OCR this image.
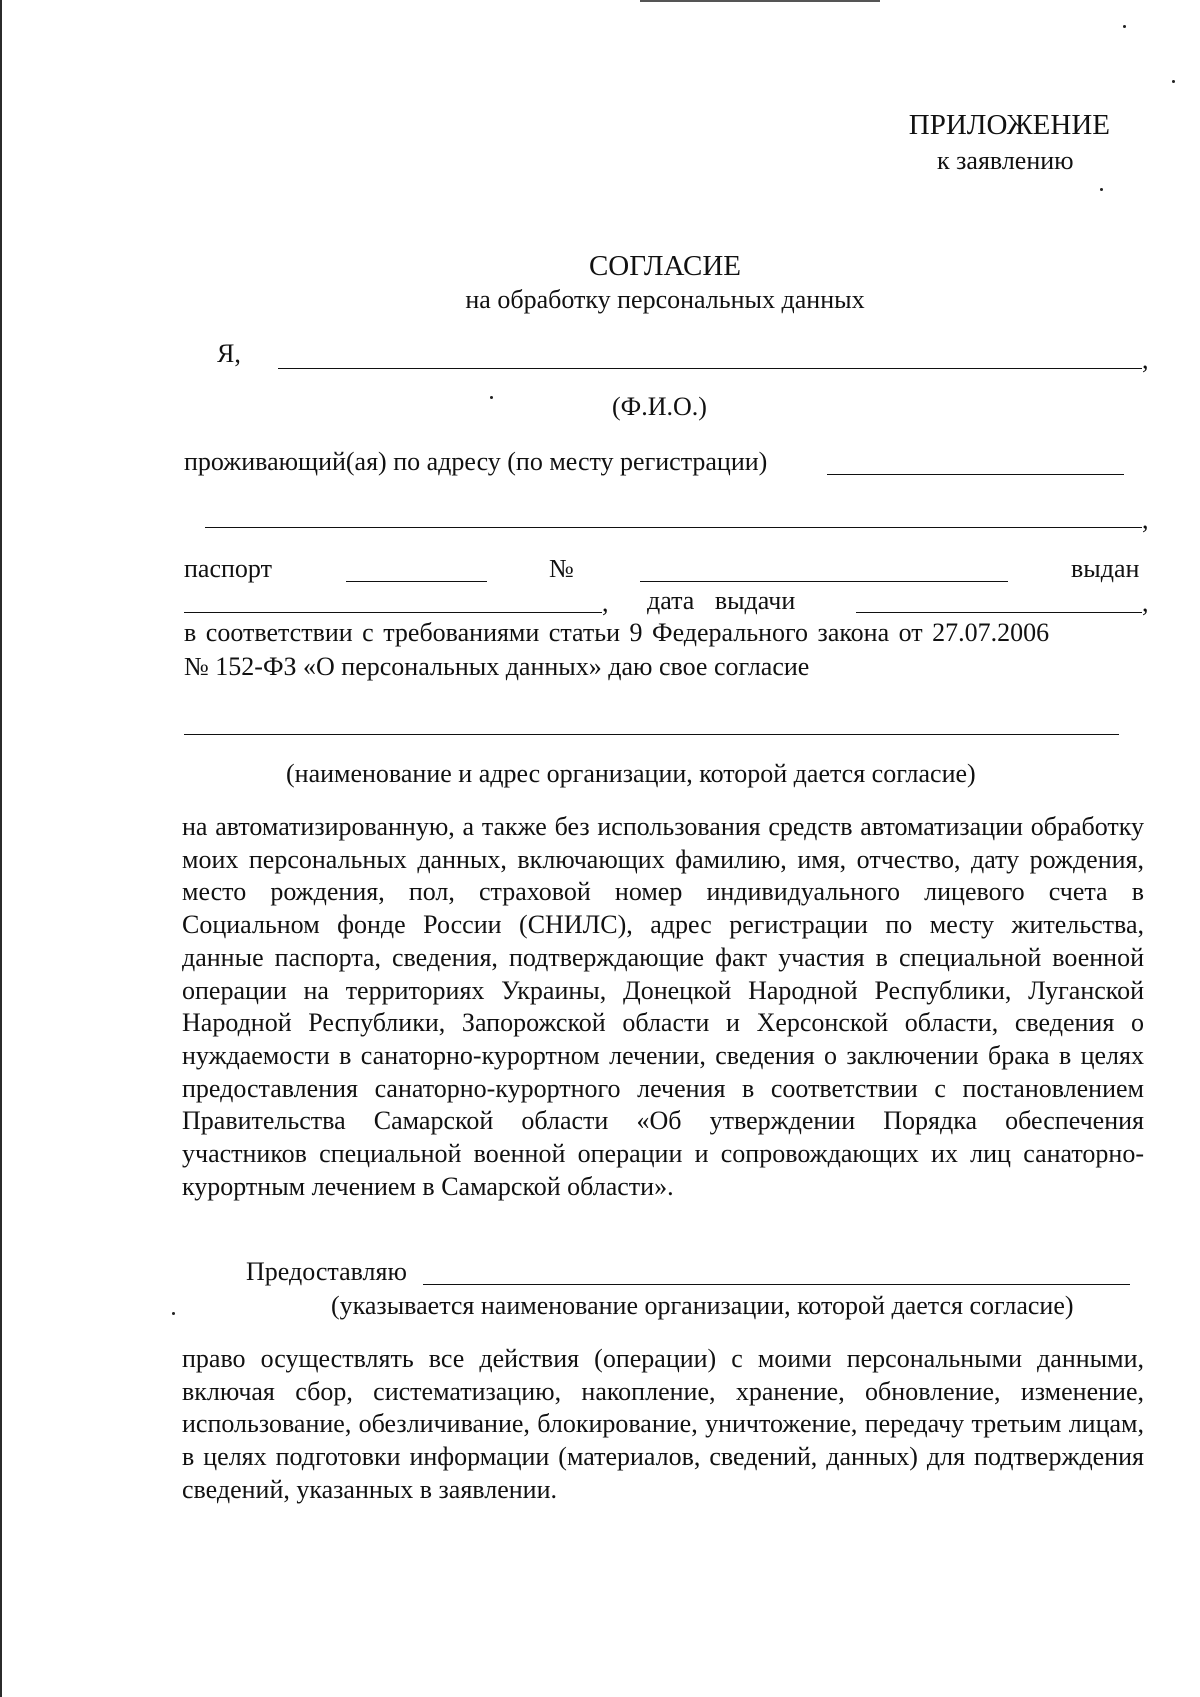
ПРИЛОЖЕНИЕ
к заявлению
СОГЛАСИЕ
на обработку персональных данных
Я,	,
(Ф.И.О.)
проживающий(ая) по адресу (по месту регистрации)
,
паспорт	№	выдан
, дата выдачи	,
в соответствии с требованиями статьи 9 Федерального закона от 27.07.2006
№ 152-ФЗ «О персональных данных» даю свое согласие
(наименование и адрес организации, которой дается согласие)
на автоматизированную, а также без использования средств автоматизации обработку моих персональных данных, включающих фамилию, имя, отчество, дату рождения, место рождения, пол, страховой номер индивидуального лицевого счета в Социальном фонде России (СНИЛС), адрес регистрации по месту жительства, данные паспорта, сведения, подтверждающие факт участия в специальной военной операции на территориях Украины, Донецкой Народной Республики, Луганской Народной Республики, Запорожской области и Херсонской области, сведения о нуждаемости в санаторно-курортном лечении, сведения о заключении брака в целях предоставления санаторно-курортного лечения в соответствии с постановлением Правительства Самарской области «Об утверждении Порядка обеспечения участников специальной военной операции и сопровождающих их лиц санаторно-курортным лечением в Самарской области».
Предоставляю
(указывается наименование организации, которой дается согласие)
право осуществлять все действия (операции) с моими персональными данными, включая сбор, систематизацию, накопление, хранение, обновление, изменение, использование, обезличивание, блокирование, уничтожение, передачу третьим лицам, в целях подготовки информации (материалов, сведений, данных) для подтверждения сведений, указанных в заявлении.
